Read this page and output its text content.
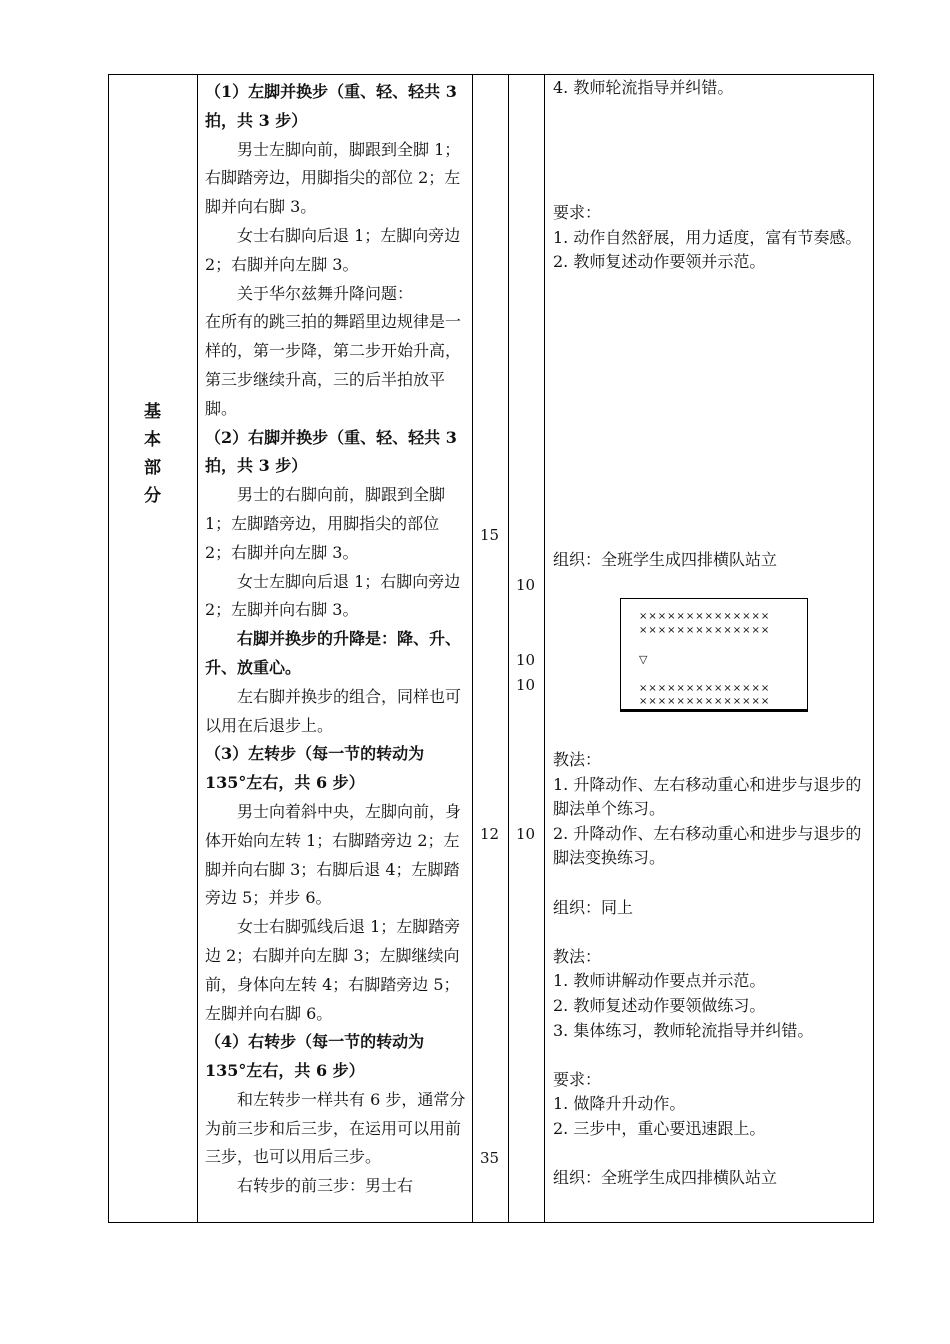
基
本
部
分

（1）左脚并换步（重、轻、轻共 3 拍，共 3 步）

男士左脚向前，脚跟到全脚 1；右脚踏旁边，用脚指尖的部位 2；左脚并向右脚 3。

女士右脚向后退 1；左脚向旁边 2；右脚并向左脚 3。

关于华尔兹舞升降问题：

在所有的跳三拍的舞蹈里边规律是一样的，第一步降，第二步开始升高，第三步继续升高，三的后半拍放平脚。

（2）右脚并换步（重、轻、轻共 3 拍，共 3 步）

男士的右脚向前，脚跟到全脚 1；左脚踏旁边，用脚指尖的部位 2；右脚并向左脚 3。

女士左脚向后退 1；右脚向旁边 2；左脚并向右脚 3。

右脚并换步的升降是：降、升、升、放重心。

左右脚并换步的组合，同样也可以用在后退步上。

（3）左转步（每一节的转动为 135°左右，共 6 步）

男士向着斜中央，左脚向前，身体开始向左转 1；右脚踏旁边 2；左脚并向右脚 3；右脚后退 4；左脚踏旁边 5；并步 6。

女士右脚弧线后退 1；左脚踏旁边 2；右脚并向左脚 3；左脚继续向前，身体向左转 4；右脚踏旁边 5；左脚并向右脚 6。

（4）右转步（每一节的转动为 135°左右，共 6 步）

和左转步一样共有 6 步，通常分为前三步和后三步，在运用可以用前三步，也可以用后三步。

右转步的前三步：男士右

15
10
10
10
12	10
35

4. 教师轮流指导并纠错。

要求：

1. 动作自然舒展，用力适度，富有节奏感。

2. 教师复述动作要领并示范。

组织：全班学生成四排横队站立

××××××××××××××
××××××××××××××
▽
××××××××××××××
××××××××××××××

教法：

1. 升降动作、左右移动重心和进步与退步的脚法单个练习。

2. 升降动作、左右移动重心和进步与退步的脚法变换练习。

组织：同上

教法：

1. 教师讲解动作要点并示范。

2. 教师复述动作要领做练习。

3. 集体练习，教师轮流指导并纠错。

要求：

1. 做降升升动作。

2. 三步中，重心要迅速跟上。

组织：全班学生成四排横队站立
